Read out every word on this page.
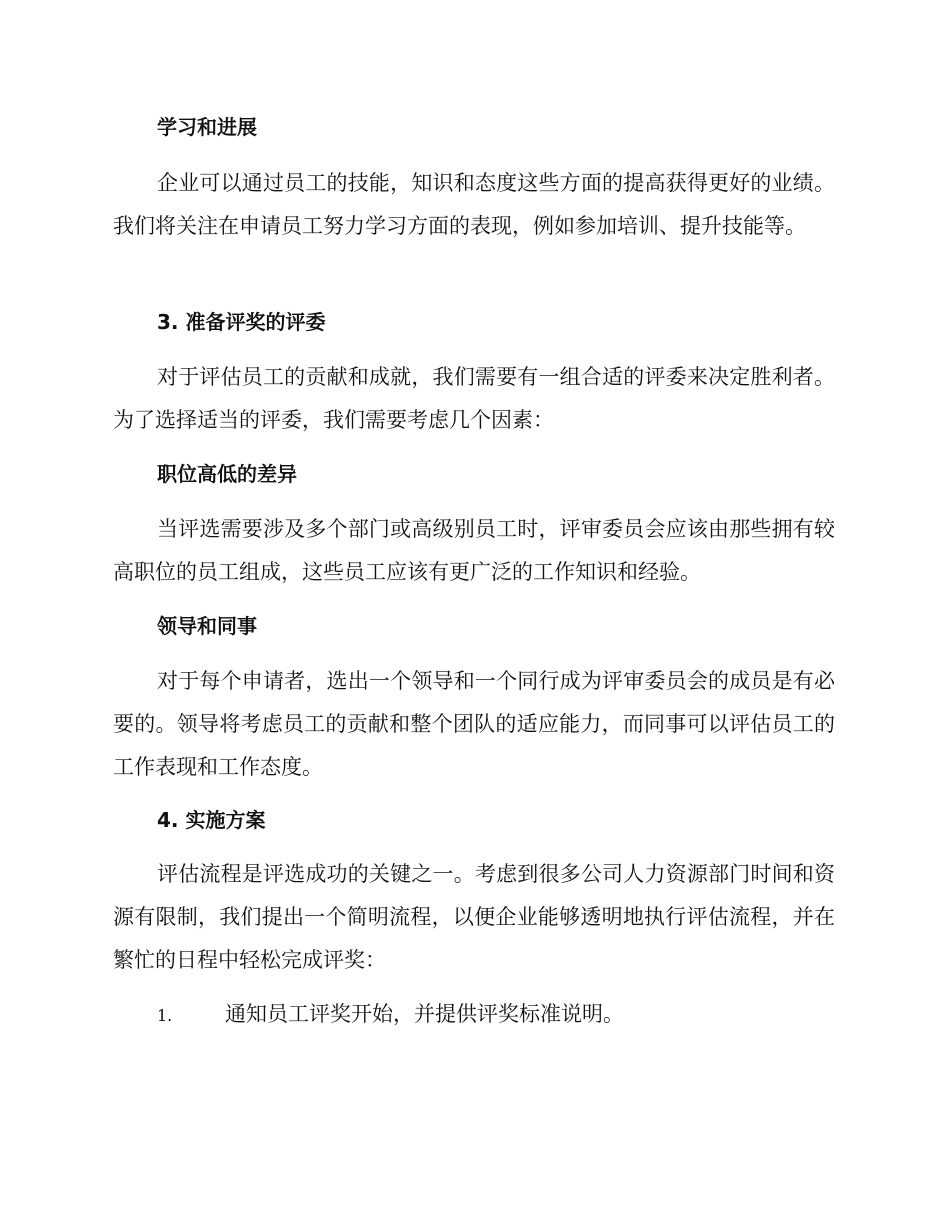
学习和进展
企业可以通过员工的技能，知识和态度这些方面的提高获得更好的业绩。我们将关注在申请员工努力学习方面的表现，例如参加培训、提升技能等。
3. 准备评奖的评委
对于评估员工的贡献和成就，我们需要有一组合适的评委来决定胜利者。为了选择适当的评委，我们需要考虑几个因素：
职位高低的差异
当评选需要涉及多个部门或高级别员工时，评审委员会应该由那些拥有较高职位的员工组成，这些员工应该有更广泛的工作知识和经验。
领导和同事
对于每个申请者，选出一个领导和一个同行成为评审委员会的成员是有必要的。领导将考虑员工的贡献和整个团队的适应能力，而同事可以评估员工的工作表现和工作态度。
4. 实施方案
评估流程是评选成功的关键之一。考虑到很多公司人力资源部门时间和资源有限制，我们提出一个简明流程，以便企业能够透明地执行评估流程，并在繁忙的日程中轻松完成评奖：
1.	通知员工评奖开始，并提供评奖标准说明。
